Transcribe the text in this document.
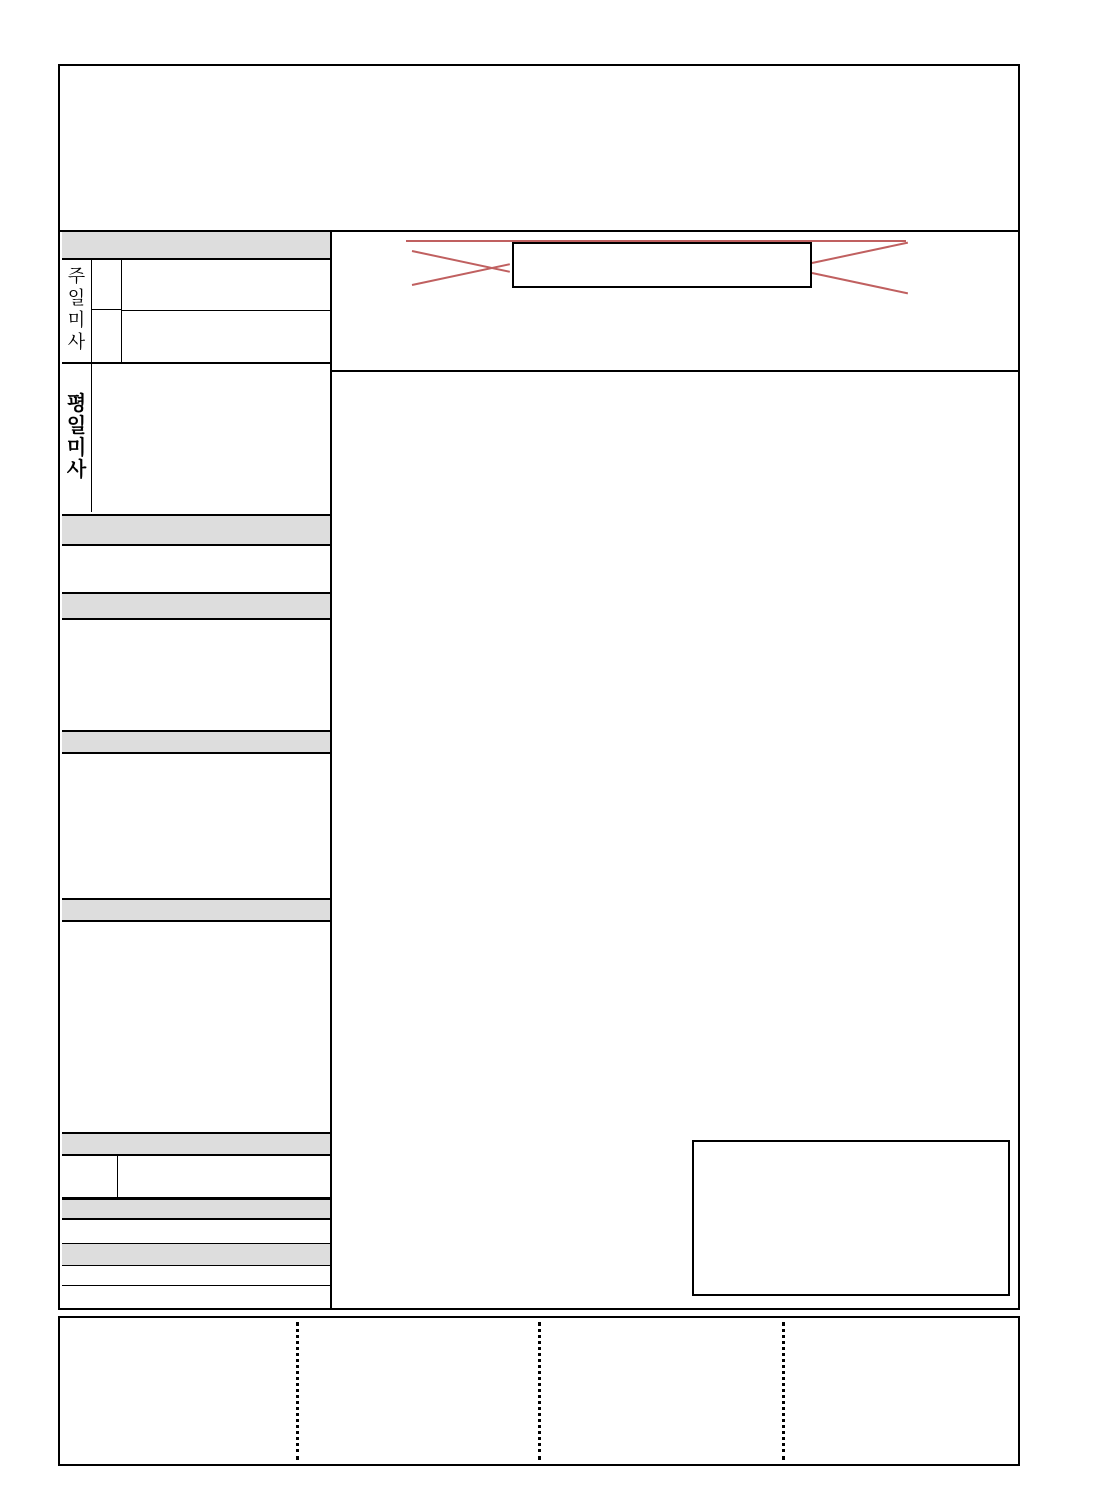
주
일
미
사
평
일
미
사
